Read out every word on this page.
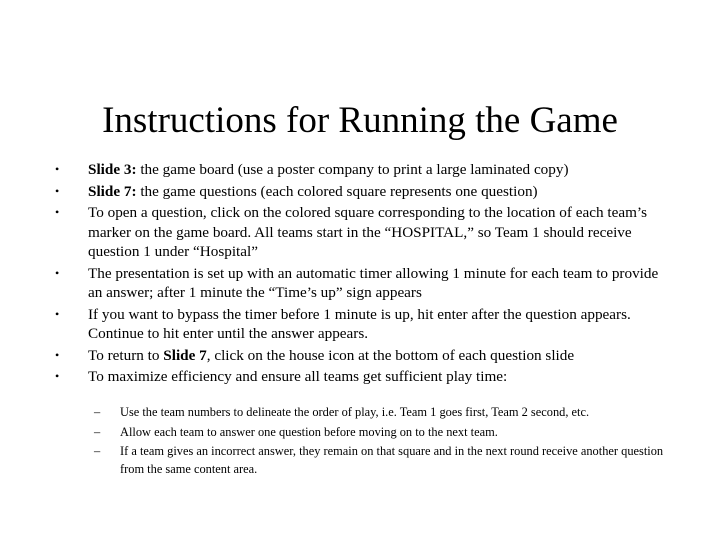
Instructions for Running the Game
•	Slide 3: the game board (use a poster company to print a large laminated copy)
•	Slide 7: the game questions (each colored square represents one question)
•	To open a question, click on the colored square corresponding to the location of each team’s marker on the game board. All teams start in the “HOSPITAL,” so Team 1 should receive question 1 under “Hospital”
•	The presentation is set up with an automatic timer allowing 1 minute for each team to provide an answer; after 1 minute the “Time’s up” sign appears
•	If you want to bypass the timer before 1 minute is up, hit enter after the question appears. Continue to hit enter until the answer appears.
•	To return to Slide 7, click on the house icon at the bottom of each question slide
•	To maximize efficiency and ensure all teams get sufficient play time:
– Use the team numbers to delineate the order of play, i.e. Team 1 goes first, Team 2 second, etc.
– Allow each team to answer one question before moving on to the next team.
– If a team gives an incorrect answer, they remain on that square and in the next round receive another question from the same content area.
